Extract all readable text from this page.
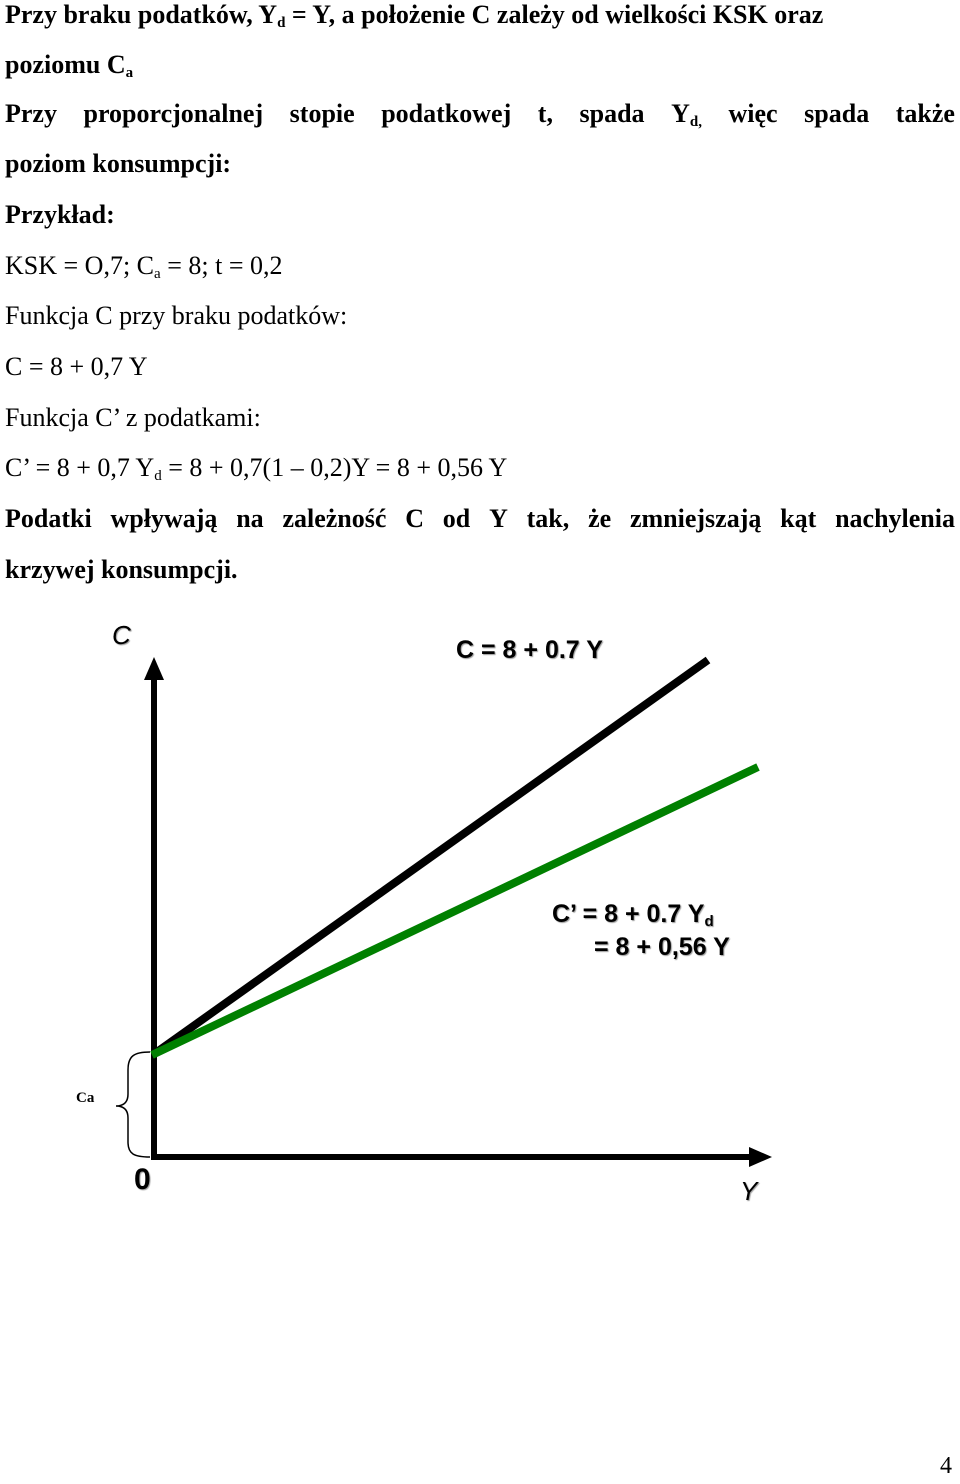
Przy braku podatków, $Y_d = Y$, a położenie C zależy od wielkości KSK oraz
poziomu $C_a$
Przy proporcjonalnej stopie podatkowej t, spada $Y_{d,}$ więc spada także
poziom konsumpcji:
Przykład:
KSK = O,7; $C_a = 8$; t = 0,2
Funkcja C przy braku podatków:
C = 8 + 0,7 Y
Funkcja C’ z podatkami:
C’ = 8 + 0,7 $Y_d = 8 + 0,7(1 - 0,2)Y = 8 + 0,56$ Y
Podatki wpływają na zależność C od Y tak, że zmniejszają kąt nachylenia
krzywej konsumpcji.
C	C = 8 + 0.7 Y
C’ = 8 + 0.7 $Y_d$
= 8 + 0,56 Y
Ca
0	Y
4
